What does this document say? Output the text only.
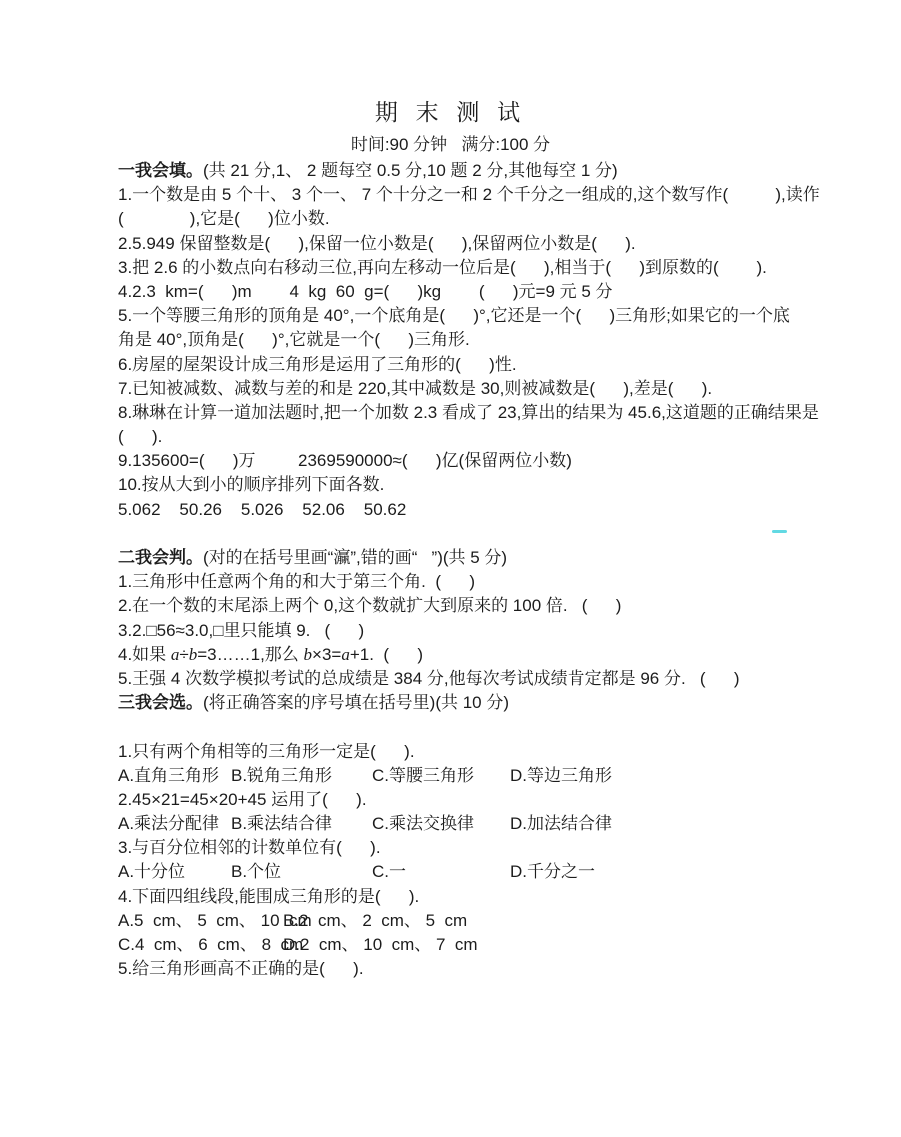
期 末 测 试
时间:90 分钟   满分:100 分
一我会填。(共 21 分,1、 2 题每空 0.5 分,10 题 2 分,其他每空 1 分)
1.一个数是由 5 个十、 3 个一、 7 个十分之一和 2 个千分之一组成的,这个数写作(          ),读作
(              ),它是(      )位小数.
2.5.949 保留整数是(      ),保留一位小数是(      ),保留两位小数是(      ).
3.把 2.6 的小数点向右移动三位,再向左移动一位后是(      ),相当于(      )到原数的(        ).
4.2.3  km=(      )m        4  kg  60  g=(      )kg        (      )元=9 元 5 分
5.一个等腰三角形的顶角是 40°,一个底角是(      )°,它还是一个(      )三角形;如果它的一个底
角是 40°,顶角是(      )°,它就是一个(      )三角形.
6.房屋的屋架设计成三角形是运用了三角形的(      )性.
7.已知被减数、减数与差的和是 220,其中减数是 30,则被减数是(      ),差是(      ).
8.琳琳在计算一道加法题时,把一个加数 2.3 看成了 23,算出的结果为 45.6,这道题的正确结果是
(      ).
9.135600=(      )万         2369590000≈(      )亿(保留两位小数)
10.按从大到小的顺序排列下面各数.
5.062    50.26    5.026    52.06    50.62
二我会判。(对的在括号里画“灜”,错的画“   ”)(共 5 分)
1.三角形中任意两个角的和大于第三个角.  (      )
2.在一个数的末尾添上两个 0,这个数就扩大到原来的 100 倍.   (      )
3.2.□56≈3.0,□里只能填 9.   (      )
4.如果 a÷b=3……1,那么 b×3=a+1.  (      )
5.王强 4 次数学模拟考试的总成绩是 384 分,他每次考试成绩肯定都是 96 分.   (      )
三我会选。(将正确答案的序号填在括号里)(共 10 分)
1.只有两个角相等的三角形一定是(      ).
A.直角三角形 B.锐角三角形 C.等腰三角形 D.等边三角形
2.45×21=45×20+45 运用了(      ).
A.乘法分配律 B.乘法结合律 C.乘法交换律 D.加法结合律
3.与百分位相邻的计数单位有(      ).
A.十分位	B.个位	C.一	D.千分之一
4.下面四组线段,能围成三角形的是(      ).
A.5  cm、 5  cm、 10  cmB.2  cm、 2  cm、 5  cm
C.4  cm、 6  cm、 8  cmD.2  cm、 10  cm、 7  cm
5.给三角形画高不正确的是(      ).
